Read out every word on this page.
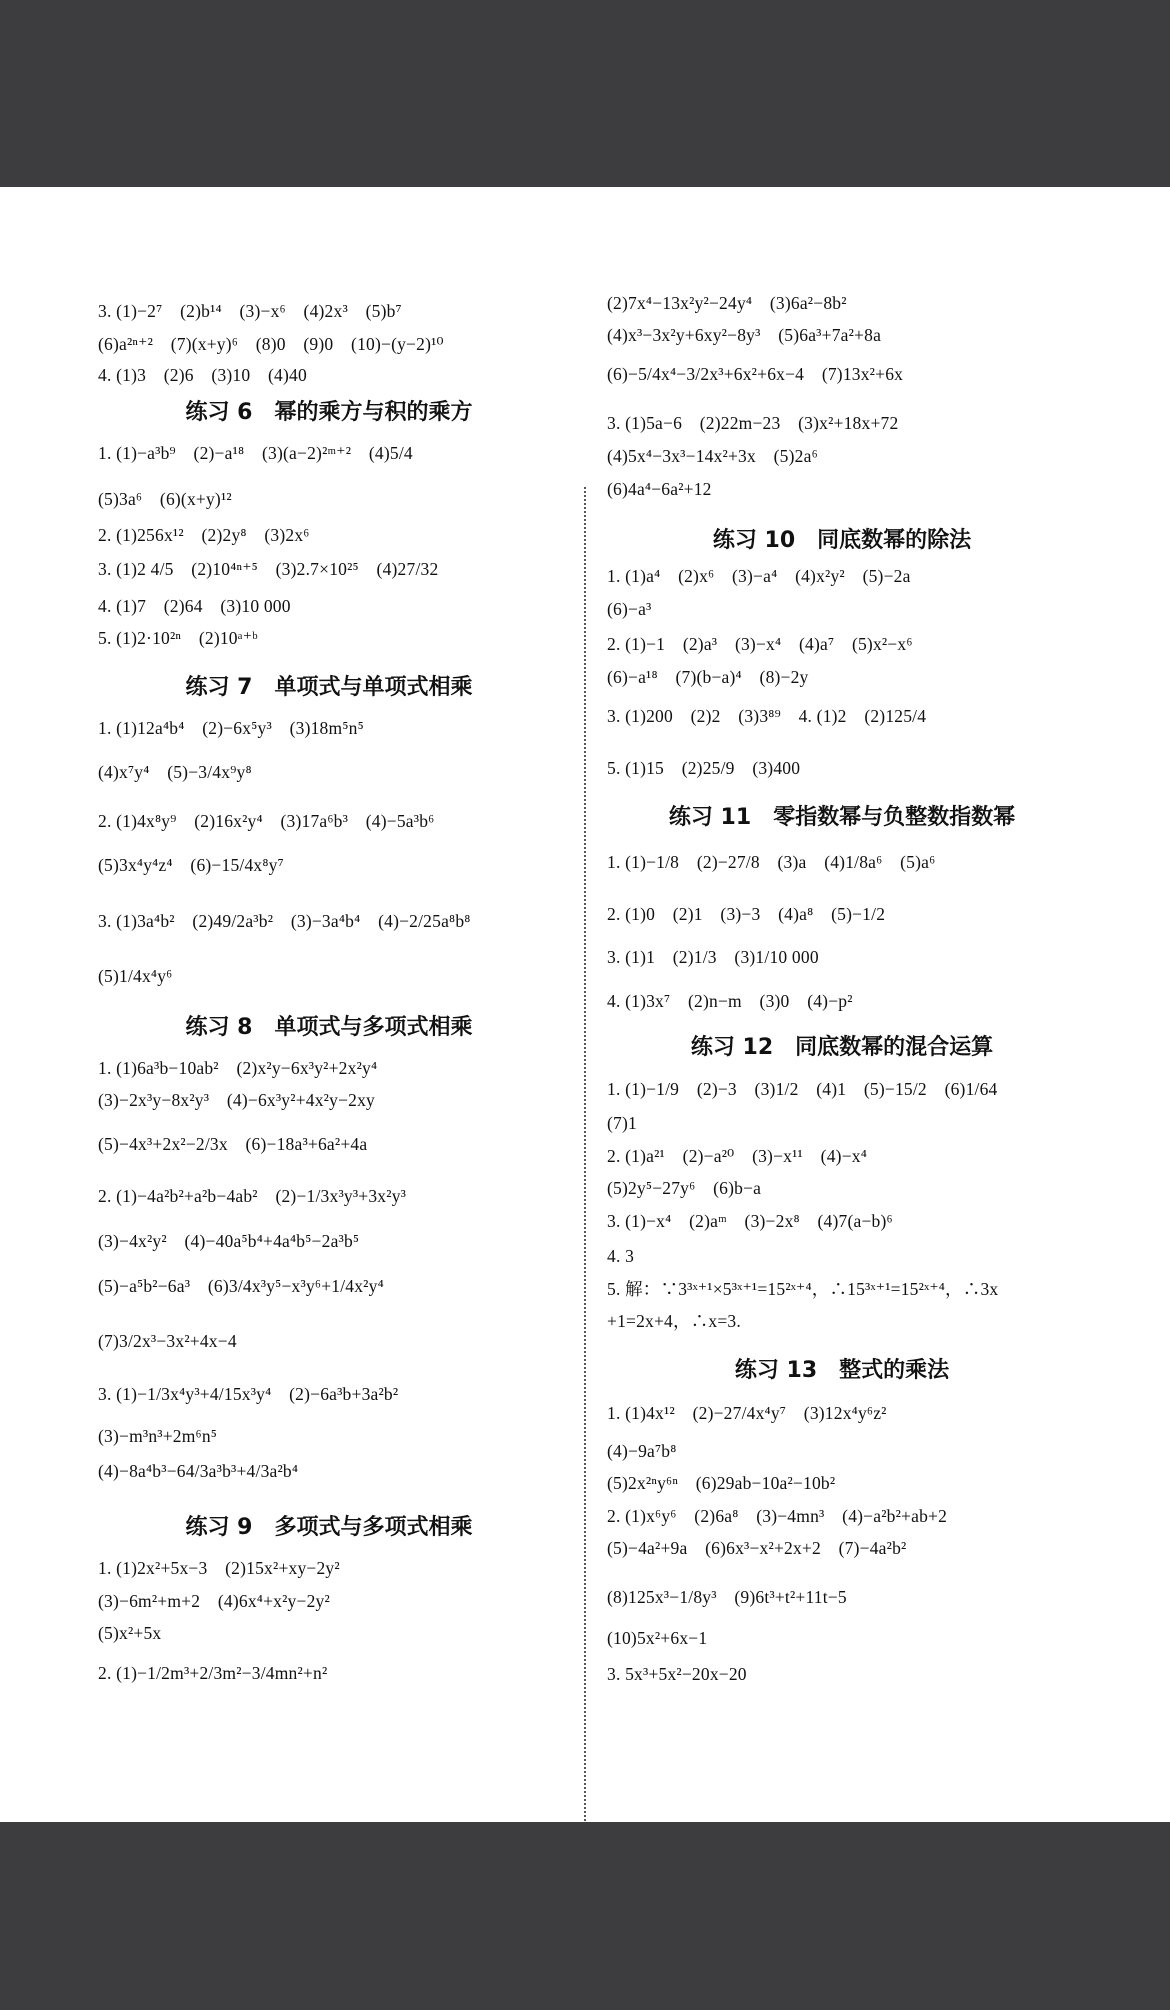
3. (1)−2⁷　(2)b¹⁴　(3)−x⁶　(4)2x³　(5)b⁷
(6)a²ⁿ⁺²　(7)(x+y)⁶　(8)0　(9)0　(10)−(y−2)¹⁰
4. (1)3　(2)6　(3)10　(4)40
练习 6　幂的乘方与积的乘方
1. (1)−a³b⁹　(2)−a¹⁸　(3)(a−2)²ᵐ⁺²　(4)5/4
(5)3a⁶　(6)(x+y)¹²
2. (1)256x¹²　(2)2y⁸　(3)2x⁶
3. (1)2 4/5　(2)10⁴ⁿ⁺⁵　(3)2.7×10²⁵　(4)27/32
4. (1)7　(2)64　(3)10 000
5. (1)2·10²ⁿ　(2)10ᵃ⁺ᵇ
练习 7　单项式与单项式相乘
1. (1)12a⁴b⁴　(2)−6x⁵y³　(3)18m⁵n⁵
(4)x⁷y⁴　(5)−3/4x⁹y⁸
2. (1)4x⁸y⁹　(2)16x²y⁴　(3)17a⁶b³　(4)−5a³b⁶
(5)3x⁴y⁴z⁴　(6)−15/4x⁸y⁷
3. (1)3a⁴b²　(2)49/2a³b²　(3)−3a⁴b⁴　(4)−2/25a⁸b⁸
(5)1/4x⁴y⁶
练习 8　单项式与多项式相乘
1. (1)6a³b−10ab²　(2)x²y−6x³y²+2x²y⁴
(3)−2x³y−8x²y³　(4)−6x³y²+4x²y−2xy
(5)−4x³+2x²−2/3x　(6)−18a³+6a²+4a
2. (1)−4a²b²+a²b−4ab²　(2)−1/3x³y³+3x²y³
(3)−4x²y²　(4)−40a⁵b⁴+4a⁴b⁵−2a³b⁵
(5)−a⁵b²−6a³　(6)3/4x³y⁵−x³y⁶+1/4x²y⁴
(7)3/2x³−3x²+4x−4
3. (1)−1/3x⁴y³+4/15x³y⁴　(2)−6a³b+3a²b²
(3)−m³n³+2m⁶n⁵
(4)−8a⁴b³−64/3a³b³+4/3a²b⁴
练习 9　多项式与多项式相乘
1. (1)2x²+5x−3　(2)15x²+xy−2y²
(3)−6m²+m+2　(4)6x⁴+x²y−2y²
(5)x²+5x
2. (1)−1/2m³+2/3m²−3/4mn²+n²
(2)7x⁴−13x²y²−24y⁴　(3)6a²−8b²
(4)x³−3x²y+6xy²−8y³　(5)6a³+7a²+8a
(6)−5/4x⁴−3/2x³+6x²+6x−4　(7)13x²+6x
3. (1)5a−6　(2)22m−23　(3)x²+18x+72
(4)5x⁴−3x³−14x²+3x　(5)2a⁶
(6)4a⁴−6a²+12
练习 10　同底数幂的除法
1. (1)a⁴　(2)x⁶　(3)−a⁴　(4)x²y²　(5)−2a
(6)−a³
2. (1)−1　(2)a³　(3)−x⁴　(4)a⁷　(5)x²−x⁶
(6)−a¹⁸　(7)(b−a)⁴　(8)−2y
3. (1)200　(2)2　(3)3⁸⁹　4. (1)2　(2)125/4
5. (1)15　(2)25/9　(3)400
练习 11　零指数幂与负整数指数幂
1. (1)−1/8　(2)−27/8　(3)a　(4)1/8a⁶　(5)a⁶
2. (1)0　(2)1　(3)−3　(4)a⁸　(5)−1/2
3. (1)1　(2)1/3　(3)1/10 000
4. (1)3x⁷　(2)n−m　(3)0　(4)−p²
练习 12　同底数幂的混合运算
1. (1)−1/9　(2)−3　(3)1/2　(4)1　(5)−15/2　(6)1/64
(7)1
2. (1)a²¹　(2)−a²⁰　(3)−x¹¹　(4)−x⁴
(5)2y⁵−27y⁶　(6)b−a
3. (1)−x⁴　(2)aᵐ　(3)−2x⁸　(4)7(a−b)⁶
4. 3
5. 解：∵3³ˣ⁺¹×5³ˣ⁺¹=15²ˣ⁺⁴，∴15³ˣ⁺¹=15²ˣ⁺⁴，∴3x
+1=2x+4，∴x=3.
练习 13　整式的乘法
1. (1)4x¹²　(2)−27/4x⁴y⁷　(3)12x⁴y⁶z²
(4)−9a⁷b⁸
(5)2x²ⁿy⁶ⁿ　(6)29ab−10a²−10b²
2. (1)x⁶y⁶　(2)6a⁸　(3)−4mn³　(4)−a²b²+ab+2
(5)−4a²+9a　(6)6x³−x²+2x+2　(7)−4a²b²
(8)125x³−1/8y³　(9)6t³+t²+11t−5
(10)5x²+6x−1
3. 5x³+5x²−20x−20
